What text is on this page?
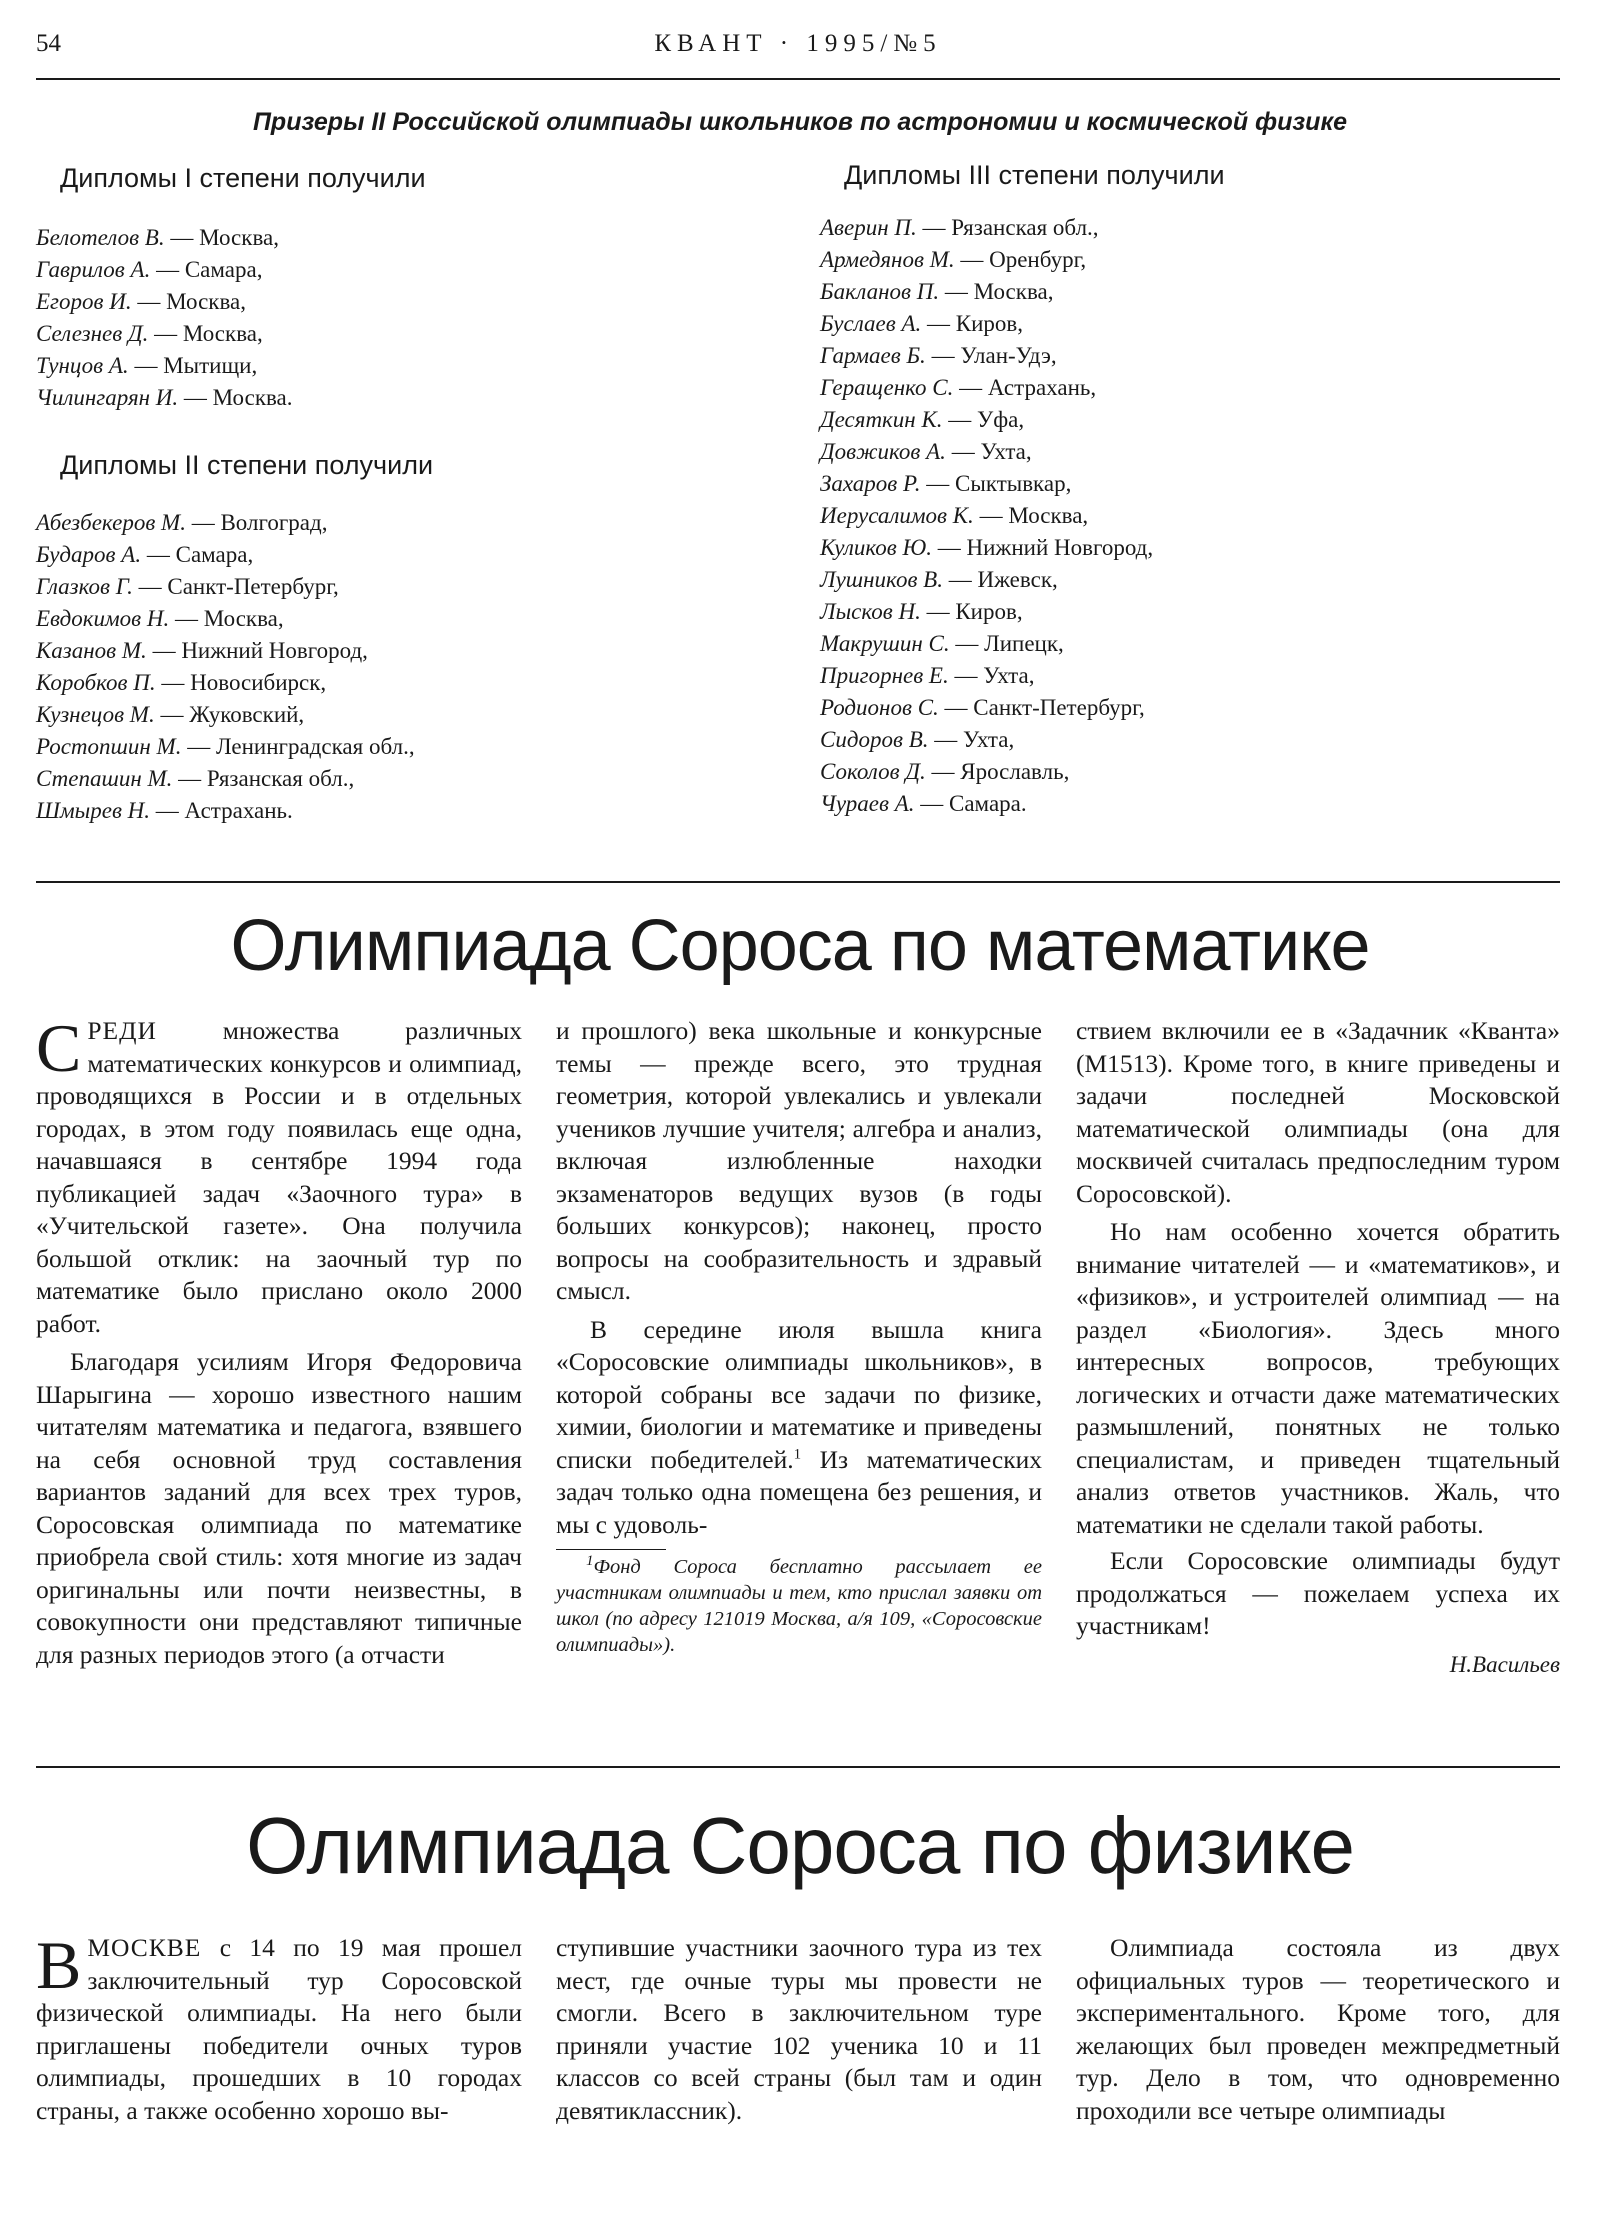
54	КВАНТ · 1995/№5
Призеры II Российской олимпиады школьников по астрономии и космической физике
Дипломы I степени получили
Белотелов В. — Москва,
Гаврилов А. — Самара,
Егоров И. — Москва,
Селезнев Д. — Москва,
Тунцов А. — Мытищи,
Чилингарян И. — Москва.
Дипломы II степени получили
Абезбекеров М. — Волгоград,
Бударов А. — Самара,
Глазков Г. — Санкт-Петербург,
Евдокимов Н. — Москва,
Казанов М. — Нижний Новгород,
Коробков П. — Новосибирск,
Кузнецов М. — Жуковский,
Ростопшин М. — Ленинградская обл.,
Степашин М. — Рязанская обл.,
Шмырев Н. — Астрахань.
Дипломы III степени получили
Аверин П. — Рязанская обл.,
Армедянов М. — Оренбург,
Бакланов П. — Москва,
Буслаев А. — Киров,
Гармаев Б. — Улан-Удэ,
Геращенко С. — Астрахань,
Десяткин К. — Уфа,
Довжиков А. — Ухта,
Захаров Р. — Сыктывкар,
Иерусалимов К. — Москва,
Куликов Ю. — Нижний Новгород,
Лушников В. — Ижевск,
Лысков Н. — Киров,
Макрушин С. — Липецк,
Пригорнев Е. — Ухта,
Родионов С. — Санкт-Петербург,
Сидоров В. — Ухта,
Соколов Д. — Ярославль,
Чураев А. — Самара.
Олимпиада Сороса по математике

СРЕДИ множества различных математических конкурсов и олимпиад, проводящихся в России и в отдельных городах, в этом году появилась еще одна, начавшаяся в сентябре 1994 года публикацией задач «Заочного тура» в «Учительской газете». Она получила большой отклик: на заочный тур по математике было прислано около 2000 работ.

Благодаря усилиям Игоря Федоровича Шарыгина — хорошо известного нашим читателям математика и педагога, взявшего на себя основной труд составления вариантов заданий для всех трех туров, Соросовская олимпиада по математике приобрела свой стиль: хотя многие из задач оригинальны или почти неизвестны, в совокупности они представляют типичные для разных периодов этого (а отчасти

и прошлого) века школьные и конкурсные темы — прежде всего, это трудная геометрия, которой увлекались и увлекали учеников лучшие учителя; алгебра и анализ, включая излюбленные находки экзаменаторов ведущих вузов (в годы больших конкурсов); наконец, просто вопросы на сообразительность и здравый смысл.

В середине июля вышла книга «Соросовские олимпиады школьников», в которой собраны все задачи по физике, химии, биологии и математике и приведены списки победителей.$^1$ Из математических задач только одна помещена без решения, и мы с удоволь-

$^1$Фонд Сороса бесплатно рассылает ее участникам олимпиады и тем, кто прислал заявки от школ (по адресу 121019 Москва, а/я 109, «Соросовские олимпиады»).

ствием включили ее в «Задачник «Кванта» (М1513). Кроме того, в книге приведены и задачи последней Московской математической олимпиады (она для москвичей считалась предпоследним туром Соросовской).

Но нам особенно хочется обратить внимание читателей — и «математиков», и «физиков», и устроителей олимпиад — на раздел «Биология». Здесь много интересных вопросов, требующих логических и отчасти даже математических размышлений, понятных не только специалистам, и приведен тщательный анализ ответов участников. Жаль, что математики не сделали такой работы.

Если Соросовские олимпиады будут продолжаться — пожелаем успеха их участникам!

Н.Васильев
Олимпиада Сороса по физике

В МОСКВЕ с 14 по 19 мая прошел заключительный тур Соросовской физической олимпиады. На него были приглашены победители очных туров олимпиады, прошедших в 10 городах страны, а также особенно хорошо вы-

ступившие участники заочного тура из тех мест, где очные туры мы провести не смогли. Всего в заключительном туре приняли участие 102 ученика 10 и 11 классов со всей страны (был там и один девятиклассник).

Олимпиада состояла из двух официальных туров — теоретического и экспериментального. Кроме того, для желающих был проведен межпредметный тур. Дело в том, что одновременно проходили все четыре олимпиады
